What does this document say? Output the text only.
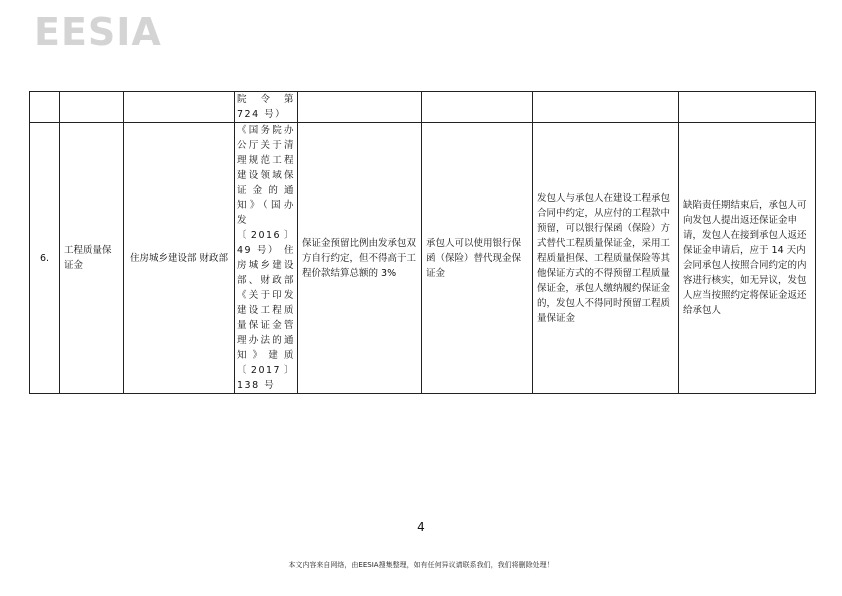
EESIA
			院令第 724 号）				
6.	工程质量保证金	住房城乡建设部 财政部	《国务院办公厅关于清理规范工程建设领域保证金的通知》（国办发〔2016〕49 号） 住房城乡建设部、财政部《关于印发建设工程质量保证金管理办法的通知》建质〔2017〕138 号	保证金预留比例由发承包双方自行约定，但不得高于工程价款结算总额的 3%	承包人可以使用银行保函（保险）替代现金保证金	发包人与承包人在建设工程承包合同中约定，从应付的工程款中预留，可以银行保函（保险）方式替代工程质量保证金，采用工程质量担保、工程质量保险等其他保证方式的不得预留工程质量保证金，承包人缴纳履约保证金的，发包人不得同时预留工程质量保证金	缺陷责任期结束后，承包人可向发包人提出返还保证金申请，发包人在接到承包人返还保证金申请后，应于 14 天内会同承包人按照合同约定的内容进行核实，如无异议，发包人应当按照约定将保证金返还给承包人
4
本文内容来自网络，由EESIA搜集整理，如有任何异议请联系我们，我们将删除处理！
